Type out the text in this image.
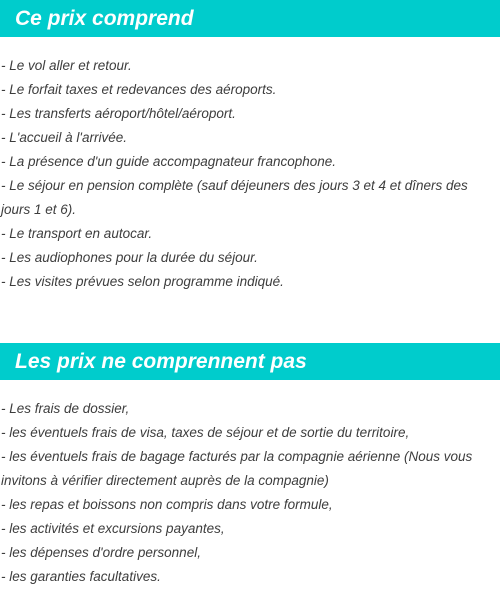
Ce prix comprend
- Le vol aller et retour.
- Le forfait taxes et redevances des aéroports.
- Les transferts aéroport/hôtel/aéroport.
- L'accueil à l'arrivée.
- La présence d'un guide accompagnateur francophone.
- Le séjour en pension complète (sauf déjeuners des jours 3 et 4 et dîners des jours 1 et 6).
- Le transport en autocar.
- Les audiophones pour la durée du séjour.
- Les visites prévues selon programme indiqué.
Les prix ne comprennent pas
- Les frais de dossier,
- les éventuels frais de visa, taxes de séjour et de sortie du territoire,
- les éventuels frais de bagage facturés par la compagnie aérienne (Nous vous invitons à vérifier directement auprès de la compagnie)
- les repas et boissons non compris dans votre formule,
- les activités et excursions payantes,
- les dépenses d'ordre personnel,
- les garanties facultatives.
